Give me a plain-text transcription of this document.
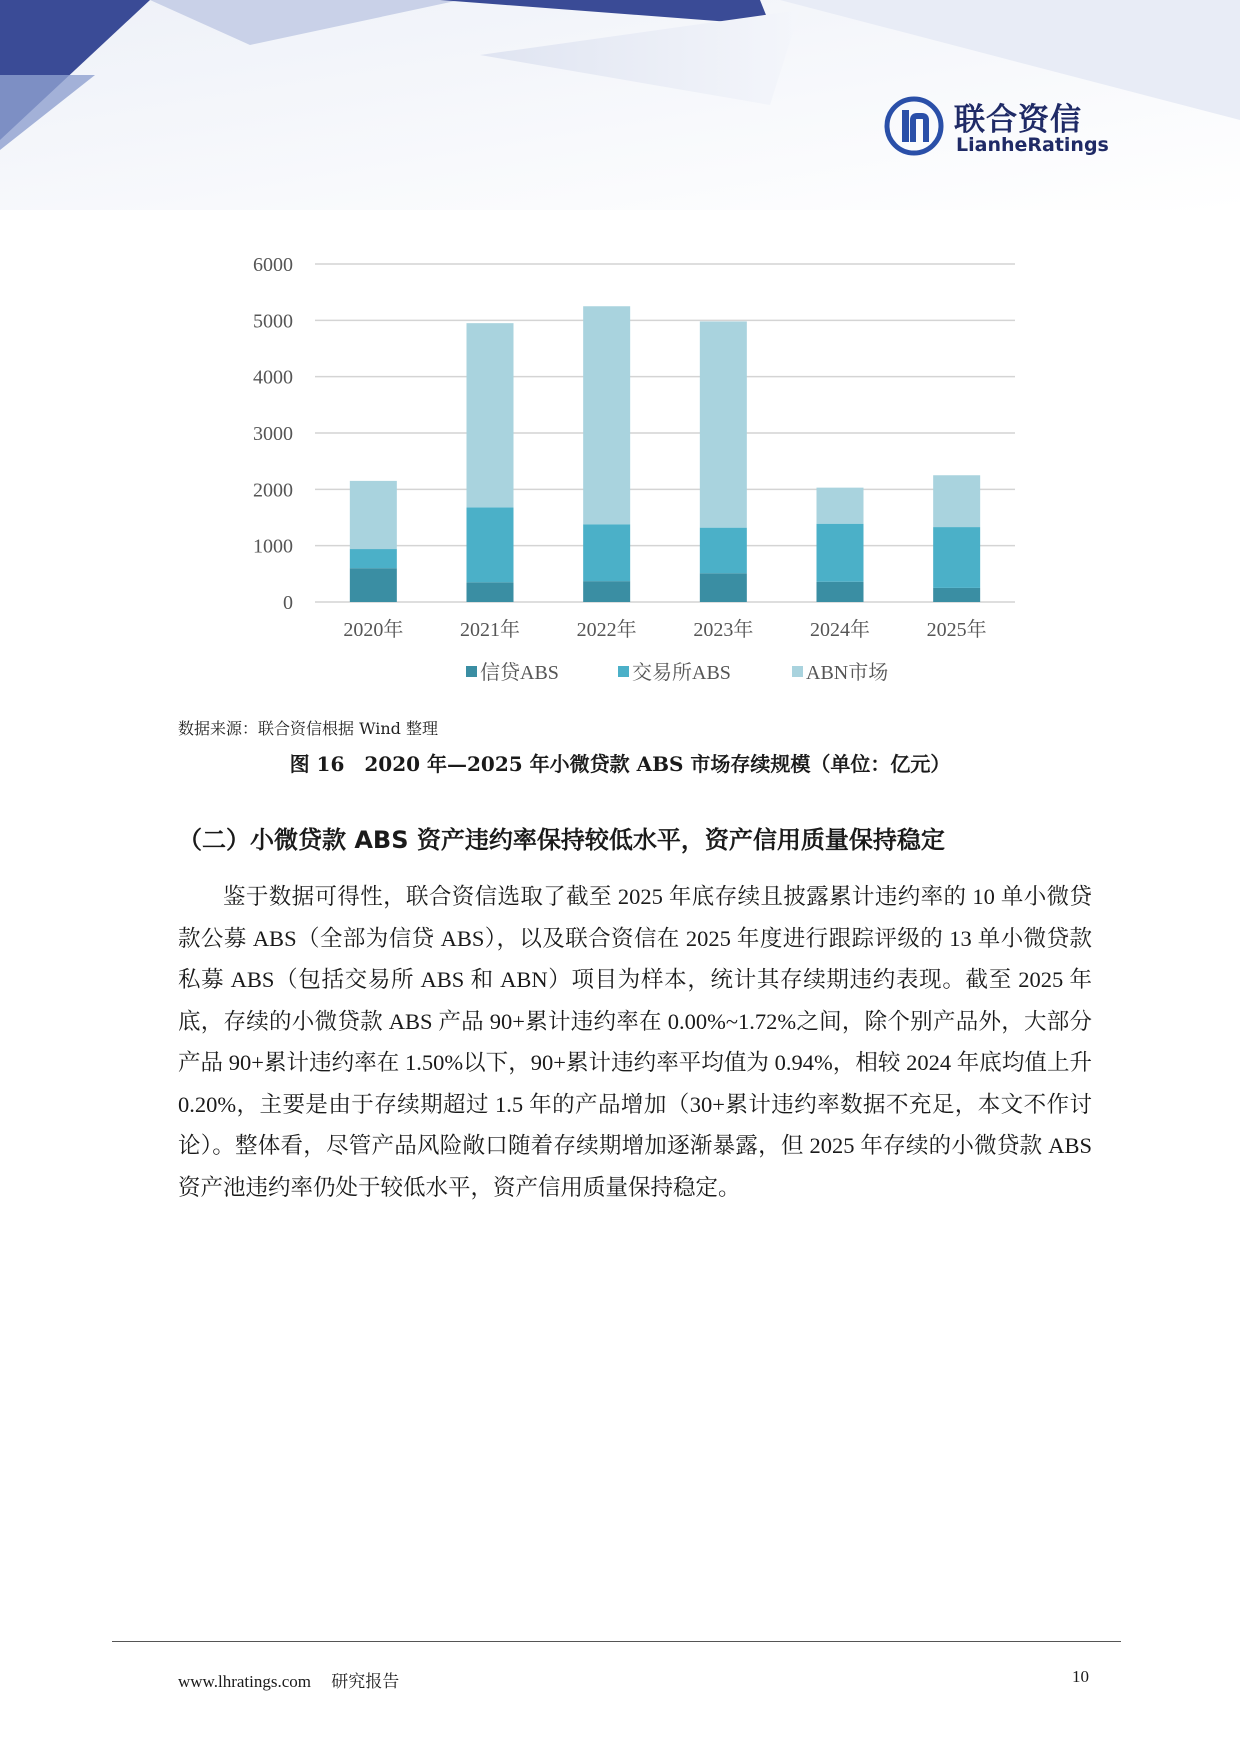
联合资信
LianheRatings
0
1000
2000
3000
4000
5000
6000
2020年	2021年	2022年	2023年	2024年	2025年
信贷ABS	交易所ABS	ABN市场
数据来源：联合资信根据 Wind 整理
图 16　2020 年—2025 年小微贷款 ABS 市场存续规模（单位：亿元）
（二）小微贷款 ABS 资产违约率保持较低水平，资产信用质量保持稳定
鉴于数据可得性，联合资信选取了截至 2025 年底存续且披露累计违约率的 10 单小微贷款公募 ABS（全部为信贷 ABS），以及联合资信在 2025 年度进行跟踪评级的 13 单小微贷款私募 ABS（包括交易所 ABS 和 ABN）项目为样本，统计其存续期违约表现。截至 2025 年底，存续的小微贷款 ABS 产品 90+累计违约率在 0.00%~1.72%之间，除个别产品外，大部分产品 90+累计违约率在 1.50%以下，90+累计违约率平均值为 0.94%，相较 2024 年底均值上升 0.20%，主要是由于存续期超过 1.5 年的产品增加（30+累计违约率数据不充足，本文不作讨论）。整体看，尽管产品风险敞口随着存续期增加逐渐暴露，但 2025 年存续的小微贷款 ABS 资产池违约率仍处于较低水平，资产信用质量保持稳定。
www.lhratings.com 研究报告	10
